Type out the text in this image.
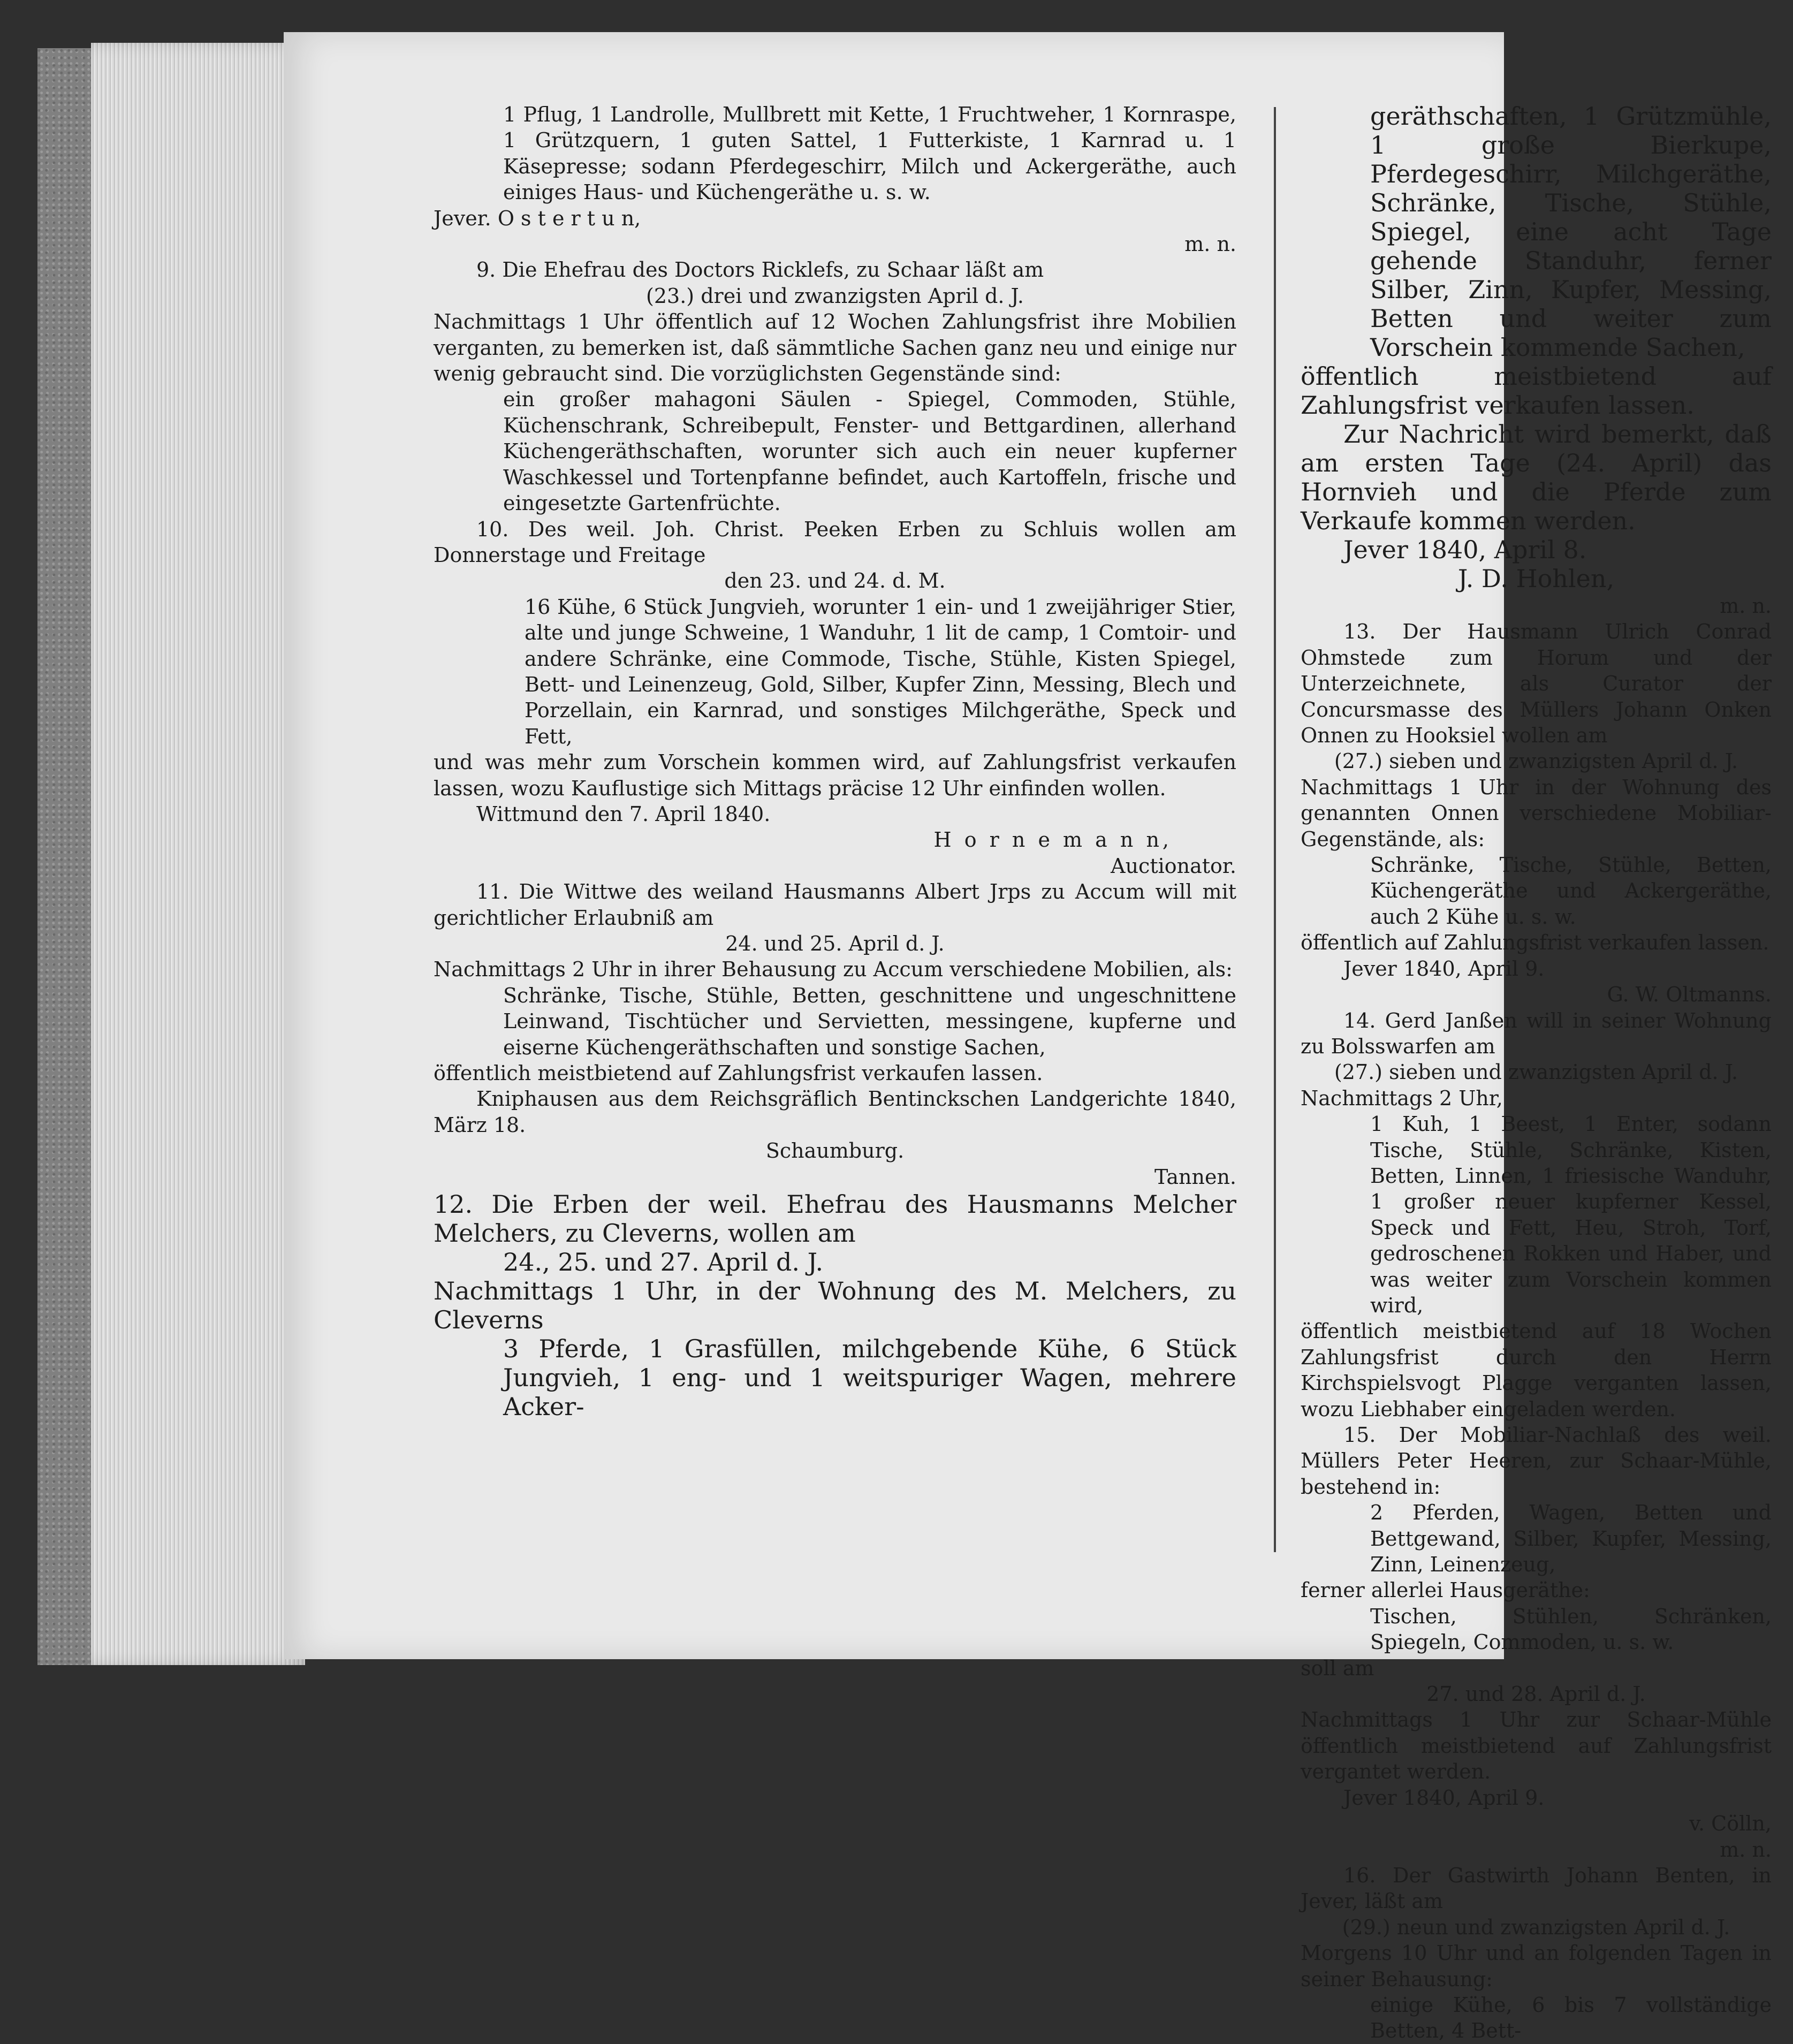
1 Pflug, 1 Landrolle, Mullbrett mit Kette, 1 Fruchtweher, 1 Kornraspe, 1 Grützquern, 1 guten Sattel, 1 Futterkiste, 1 Karnrad u. 1 Käsepresse; sodann Pferdegeschirr, Milch und Ackergeräthe, auch einiges Haus- und Küchengeräthe u. s. w.

Jever. O s t e r t u n,

m. n.

9. Die Ehefrau des Doctors Ricklefs, zu Schaar läßt am

(23.) drei und zwanzigsten April d. J.

Nachmittags 1 Uhr öffentlich auf 12 Wochen Zahlungsfrist ihre Mobilien verganten, zu bemerken ist, daß sämmtliche Sachen ganz neu und einige nur wenig gebraucht sind. Die vorzüglichsten Gegenstände sind:

ein großer mahagoni Säulen - Spiegel, Commoden, Stühle, Küchenschrank, Schreibepult, Fenster- und Bettgardinen, allerhand Küchengeräthschaften, worunter sich auch ein neuer kupferner Waschkessel und Tortenpfanne befindet, auch Kartoffeln, frische und eingesetzte Gartenfrüchte.

10. Des weil. Joh. Christ. Peeken Erben zu Schluis wollen am Donnerstage und Freitage

den 23. und 24. d. M.

16 Kühe, 6 Stück Jungvieh, worunter 1 ein- und 1 zweijähriger Stier, alte und junge Schweine, 1 Wanduhr, 1 lit de camp, 1 Comtoir- und andere Schränke, eine Commode, Tische, Stühle, Kisten Spiegel, Bett- und Leinenzeug, Gold, Silber, Kupfer Zinn, Messing, Blech und Porzellain, ein Karnrad, und sonstiges Milchgeräthe, Speck und Fett,

und was mehr zum Vorschein kommen wird, auf Zahlungsfrist verkaufen lassen, wozu Kauflustige sich Mittags präcise 12 Uhr einfinden wollen.

Wittmund den 7. April 1840.

H o r n e m a n n,

Auctionator.

11. Die Wittwe des weiland Hausmanns Albert Jrps zu Accum will mit gerichtlicher Erlaubniß am

24. und 25. April d. J.

Nachmittags 2 Uhr in ihrer Behausung zu Accum verschiedene Mobilien, als:

Schränke, Tische, Stühle, Betten, geschnittene und ungeschnittene Leinwand, Tischtücher und Servietten, messingene, kupferne und eiserne Küchengeräthschaften und sonstige Sachen,

öffentlich meistbietend auf Zahlungsfrist verkaufen lassen.

Kniphausen aus dem Reichsgräflich Bentinckschen Landgerichte 1840, März 18.

Schaumburg.

Tannen.

12. Die Erben der weil. Ehefrau des Hausmanns Melcher Melchers, zu Cleverns, wollen am

24., 25. und 27. April d. J.

Nachmittags 1 Uhr, in der Wohnung des M. Melchers, zu Cleverns

3 Pferde, 1 Grasfüllen, milchgebende Kühe, 6 Stück Jungvieh, 1 eng- und 1 weitspuriger Wagen, mehrere Acker-

geräthschaften, 1 Grützmühle, 1 große Bierkupe, Pferdegeschirr, Milchgeräthe, Schränke, Tische, Stühle, Spiegel, eine acht Tage gehende Standuhr, ferner Silber, Zinn, Kupfer, Messing, Betten und weiter zum Vorschein kommende Sachen,

öffentlich meistbietend auf Zahlungsfrist verkaufen lassen.

Zur Nachricht wird bemerkt, daß am ersten Tage (24. April) das Hornvieh und die Pferde zum Verkaufe kommen werden.

Jever 1840, April 8.

J. D. Hohlen,

m. n.

13. Der Hausmann Ulrich Conrad Ohmstede zum Horum und der Unterzeichnete, als Curator der Concursmasse des Müllers Johann Onken Onnen zu Hooksiel wollen am

(27.) sieben und zwanzigsten April d. J.

Nachmittags 1 Uhr in der Wohnung des genannten Onnen verschiedene Mobiliar-Gegenstände, als:

Schränke, Tische, Stühle, Betten, Küchengeräthe und Ackergeräthe, auch 2 Kühe u. s. w.

öffentlich auf Zahlungsfrist verkaufen lassen.

Jever 1840, April 9.

G. W. Oltmanns.

14. Gerd Janßen will in seiner Wohnung zu Bolsswarfen am

(27.) sieben und zwanzigsten April d. J.

Nachmittags 2 Uhr,

1 Kuh, 1 Beest, 1 Enter, sodann Tische, Stühle, Schränke, Kisten, Betten, Linnen, 1 friesische Wanduhr, 1 großer neuer kupferner Kessel, Speck und Fett, Heu, Stroh, Torf, gedroschenen Rokken und Haber, und was weiter zum Vorschein kommen wird,

öffentlich meistbietend auf 18 Wochen Zahlungsfrist durch den Herrn Kirchspielsvogt Plagge verganten lassen, wozu Liebhaber eingeladen werden.

15. Der Mobiliar-Nachlaß des weil. Müllers Peter Heeren, zur Schaar-Mühle, bestehend in:

2 Pferden, Wagen, Betten und Bettgewand, Silber, Kupfer, Messing, Zinn, Leinenzeug,

ferner allerlei Hausgeräthe:

Tischen, Stühlen, Schränken, Spiegeln, Commoden, u. s. w.

soll am

27. und 28. April d. J.

Nachmittags 1 Uhr zur Schaar-Mühle öffentlich meistbietend auf Zahlungsfrist vergantet werden.

Jever 1840, April 9.

v. Cölln,

m. n.

16. Der Gastwirth Johann Benten, in Jever, läßt am

(29.) neun und zwanzigsten April d. J.

Morgens 10 Uhr und an folgenden Tagen in seiner Behausung:

einige Kühe, 6 bis 7 vollständige Betten, 4 Bett-
